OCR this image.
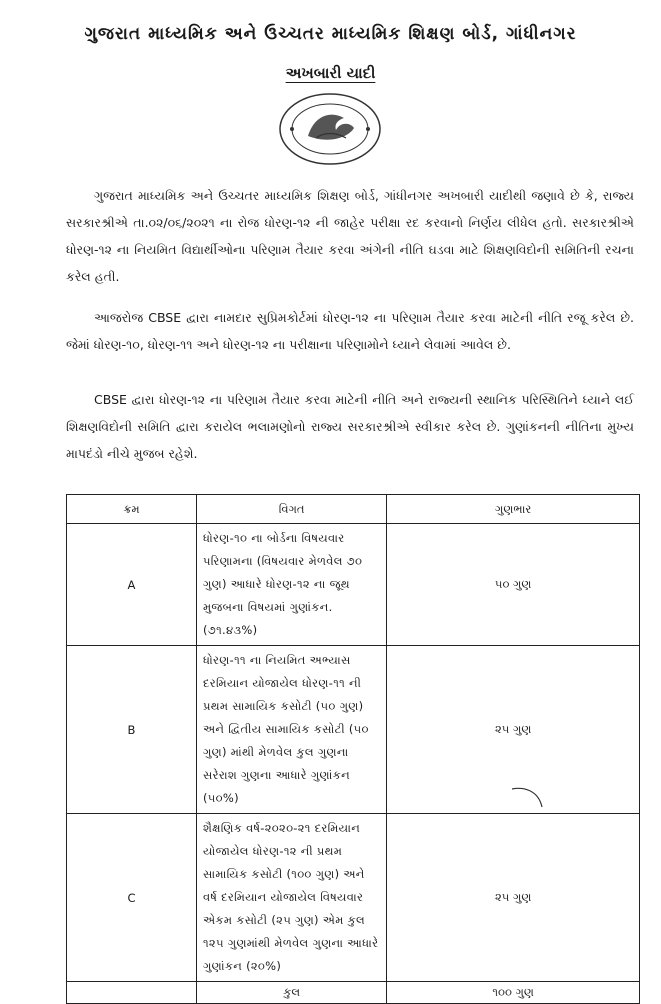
ગુજરાત માધ્યમિક અને ઉચ્ચતર માધ્યમિક શિક્ષણ બોર્ડ, ગાંધીનગર
અખબારી યાદી

ગુજરાત માધ્યમિક અને ઉચ્ચતર માધ્યમિક શિક્ષણ બોર્ડ, ગાંધીનગર અખબારી યાદીથી જણાવે છે કે, રાજ્ય સરકારશ્રીએ તા.૦૨/૦૬/૨૦૨૧ ના રોજ ધોરણ-૧૨ ની જાહેર પરીક્ષા રદ કરવાનો નિર્ણય લીધેલ હતો. સરકારશ્રીએ ધોરણ-૧૨ ના નિયમિત વિદ્યાર્થીઓના પરિણામ તૈયાર કરવા અંગેની નીતિ ઘડવા માટે શિક્ષણવિદોની સમિતિની રચના કરેલ હતી.

આજરોજ CBSE દ્વારા નામદાર સુપ્રિમકોર્ટમાં ધોરણ-૧૨ ના પરિણામ તૈયાર કરવા માટેની નીતિ રજૂ કરેલ છે. જેમાં ધોરણ-૧૦, ધોરણ-૧૧ અને ધોરણ-૧૨ ના પરીક્ષાના પરિણામોને ધ્યાને લેવામાં આવેલ છે.

CBSE દ્વારા ધોરણ-૧૨ ના પરિણામ તૈયાર કરવા માટેની નીતિ અને રાજ્યની સ્થાનિક પરિસ્થિતિને ધ્યાને લઈ શિક્ષણવિદોની સમિતિ દ્વારા કરાયેલ ભલામણોનો રાજ્ય સરકારશ્રીએ સ્વીકાર કરેલ છે. ગુણાંકનની નીતિના મુખ્ય માપદંડો નીચે મુજબ રહેશે.

ક્રમ	વિગત	ગુણભાર
A	ધોરણ-૧૦ ના બોર્ડના વિષયવાર પરિણામના (વિષયવાર મેળવેલ ૭૦ ગુણ) આધારે ધોરણ-૧૨ ના જૂથ મુજબના વિષયમાં ગુણાંકન. (૭૧.૪૩%)	૫૦ ગુણ
B	ધોરણ-૧૧ ના નિયમિત અભ્યાસ દરમિયાન યોજાયેલ ધોરણ-૧૧ ની પ્રથમ સામાયિક કસોટી (૫૦ ગુણ) અને દ્વિતીય સામાયિક કસોટી (૫૦ ગુણ) માંથી મેળવેલ કુલ ગુણના સરેરાશ ગુણના આધારે ગુણાંકન (૫૦%)	૨૫ ગુણ
C	શૈક્ષણિક વર્ષ-૨૦૨૦-૨૧ દરમિયાન યોજાયેલ ધોરણ-૧૨ ની પ્રથમ સામાયિક કસોટી (૧૦૦ ગુણ) અને વર્ષ દરમિયાન યોજાયેલ વિષયવાર એકમ કસોટી (૨૫ ગુણ) એમ કુલ ૧૨૫ ગુણમાંથી મેળવેલ ગુણના આધારે ગુણાંકન (૨૦%)	૨૫ ગુણ
	કુલ	૧૦૦ ગુણ
